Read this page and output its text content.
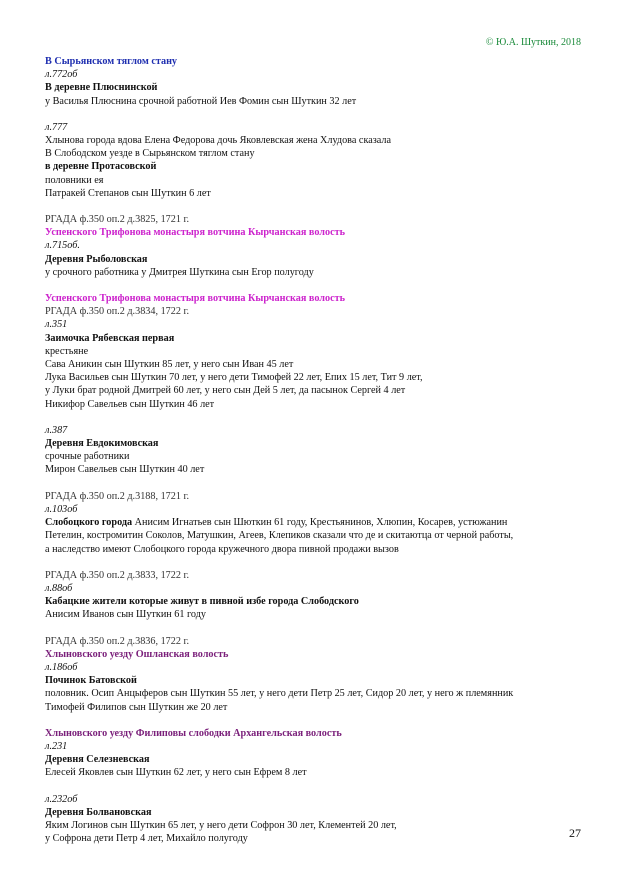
© Ю.А. Шуткин, 2018
В Сырьянском тяглом стану
л.772об
В деревне Плюснинской
у Василья Плюснина срочной работной Иев Фомин сын Шуткин 32 лет
л.777
Хлынова города вдова Елена Федорова дочь Яковлевская жена Хлудова сказала
В Слободском уезде в Сырьянском тяглом стану
в деревне Протасовской
половники ея
Патракей Степанов сын Шуткин 6 лет
РГАДА ф.350 оп.2 д.3825, 1721 г.
Успенского Трифонова монастыря вотчина Кырчанская волость
л.715об.
Деревня Рыболовская
у срочного работника у Дмитрея Шуткина сын Егор полугоду
Успенского Трифонова монастыря вотчина Кырчанская волость
РГАДА ф.350 оп.2 д.3834, 1722 г.
л.351
Заимочка Рябевская первая
крестьяне
Сава Аникин сын Шуткин 85 лет, у него сын Иван 45 лет
Лука Васильев сын Шуткин 70 лет, у него дети Тимофей 22 лет, Епих 15 лет, Тит 9 лет,
у Луки брат родной Дмитрей 60 лет, у него сын Дей 5 лет, да пасынок Сергей 4 лет
Никифор Савельев сын Шуткин 46 лет
л.387
Деревня Евдокимовская
срочные работники
Мирон Савельев сын Шуткин 40 лет
РГАДА ф.350 оп.2 д.3188, 1721 г.
л.103об
Слобоцкого города Анисим Игнатьев сын Шюткин 61 году, Крестьянинов, Хлюпин, Косарев, устюжанин
Петелин, костромитин Соколов, Матушкин, Агеев, Клепиков сказали что де и скитаютца от черной работы,
а наследство имеют Слобоцкого города кружечного двора пивной продажи вызов
РГАДА ф.350 оп.2 д.3833, 1722 г.
л.88об
Кабацкие жители которые живут в пивной избе города Слободского
Анисим Иванов сын Шуткин 61 году
РГАДА ф.350 оп.2 д.3836, 1722 г.
Хлыновского уезду Ошланская волость
л.186об
Починок Батовской
половник. Осип Анцыферов сын Шуткин 55 лет, у него дети Петр 25 лет, Сидор 20 лет, у него ж племянник
Тимофей Филипов сын Шуткин же 20 лет
Хлыновского уезду Филиповы слободки Архангельская волость
л.231
Деревня Селезневская
Елесей Яковлев сын Шуткин 62 лет, у него сын Ефрем 8 лет
л.232об
Деревня Болвановская
Яким Логинов сын Шуткин 65 лет, у него дети Софрон 30 лет, Клементей 20 лет,
у Софрона дети Петр 4 лет, Михайло полугоду	27
